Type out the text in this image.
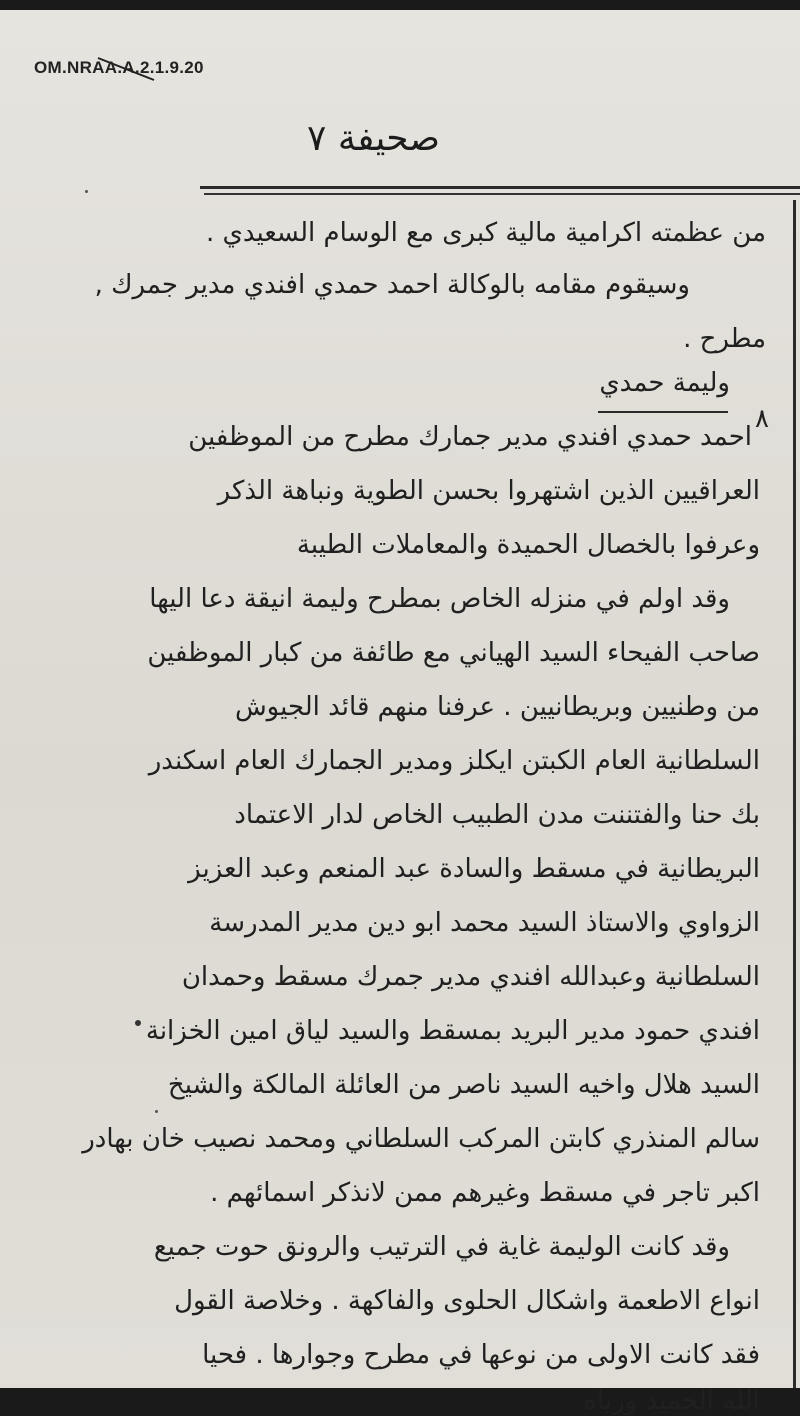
OM.NRAA.A.2.1.9.20
صحيفة ٧
من عظمته اكرامية مالية كبرى مع الوسام السعيدي .
وسيقوم مقامه بالوكالة احمد حمدي افندي مدير جمرك ,
مطرح .
وليمة حمدي
٨
احمد حمدي افندي مدير جمارك مطرح من الموظفين
العراقيين الذين اشتهروا بحسن الطوية ونباهة الذكر
وعرفوا بالخصال الحميدة والمعاملات الطيبة
وقد اولم في منزله الخاص بمطرح وليمة انيقة دعا اليها
صاحب الفيحاء السيد الهياني مع طائفة من كبار الموظفين
من وطنيين وبريطانيين . عرفنا منهم قائد الجيوش
السلطانية العام الكبتن ايكلز ومدير الجمارك العام اسكندر
بك حنا والفتننت مدن الطبيب الخاص لدار الاعتماد
البريطانية في مسقط والسادة عبد المنعم وعبد العزيز
الزواوي والاستاذ السيد محمد ابو دين مدير المدرسة
السلطانية وعبدالله افندي مدير جمرك مسقط وحمدان
افندي حمود مدير البريد بمسقط والسيد لياق امين الخزانة
السيد هلال واخيه السيد ناصر من العائلة المالكة والشيخ
سالم المنذري كابتن المركب السلطاني ومحمد نصيب خان بهادر
اكبر تاجر في مسقط وغيرهم ممن لانذكر اسمائهم .
وقد كانت الوليمة غاية في الترتيب والرونق حوت جميع
انواع الاطعمة واشكال الحلوى والفاكهة . وخلاصة القول
فقد كانت الاولى من نوعها في مطرح وجوارها . فحيا
الله الحميد ورياه
